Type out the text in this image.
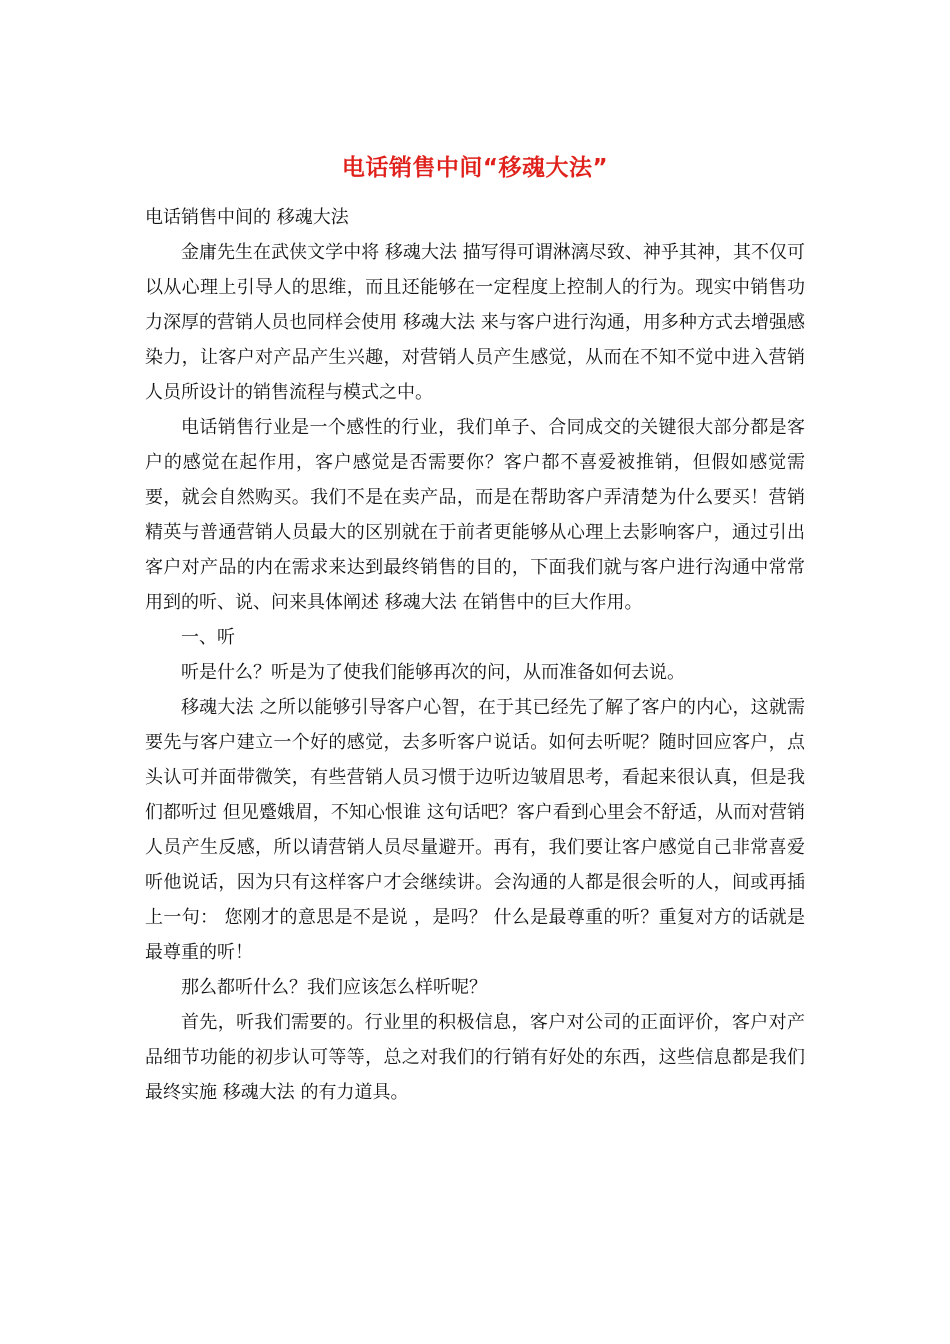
电话销售中间“移魂大法”

电话销售中间的 移魂大法

金庸先生在武侠文学中将 移魂大法 描写得可谓淋漓尽致、神乎其神，其不仅可以从心理上引导人的思维，而且还能够在一定程度上控制人的行为。现实中销售功力深厚的营销人员也同样会使用 移魂大法 来与客户进行沟通，用多种方式去增强感染力，让客户对产品产生兴趣，对营销人员产生感觉，从而在不知不觉中进入营销人员所设计的销售流程与模式之中。

电话销售行业是一个感性的行业，我们单子、合同成交的关键很大部分都是客户的感觉在起作用，客户感觉是否需要你？客户都不喜爱被推销，但假如感觉需要，就会自然购买。我们不是在卖产品，而是在帮助客户弄清楚为什么要买！营销精英与普通营销人员最大的区别就在于前者更能够从心理上去影响客户，通过引出客户对产品的内在需求来达到最终销售的目的，下面我们就与客户进行沟通中常常用到的听、说、问来具体阐述 移魂大法 在销售中的巨大作用。

一、听

听是什么？听是为了使我们能够再次的问，从而准备如何去说。

移魂大法 之所以能够引导客户心智，在于其已经先了解了客户的内心，这就需要先与客户建立一个好的感觉，去多听客户说话。如何去听呢？随时回应客户，点头认可并面带微笑，有些营销人员习惯于边听边皱眉思考，看起来很认真，但是我们都听过 但见蹙娥眉，不知心恨谁 这句话吧？客户看到心里会不舒适，从而对营销人员产生反感，所以请营销人员尽量避开。再有，我们要让客户感觉自己非常喜爱听他说话，因为只有这样客户才会继续讲。会沟通的人都是很会听的人，间或再插上一句： 您刚才的意思是不是说 ，是吗？ 什么是最尊重的听？重复对方的话就是最尊重的听！

那么都听什么？我们应该怎么样听呢？

首先，听我们需要的。行业里的积极信息，客户对公司的正面评价，客户对产品细节功能的初步认可等等，总之对我们的行销有好处的东西，这些信息都是我们最终实施 移魂大法 的有力道具。
